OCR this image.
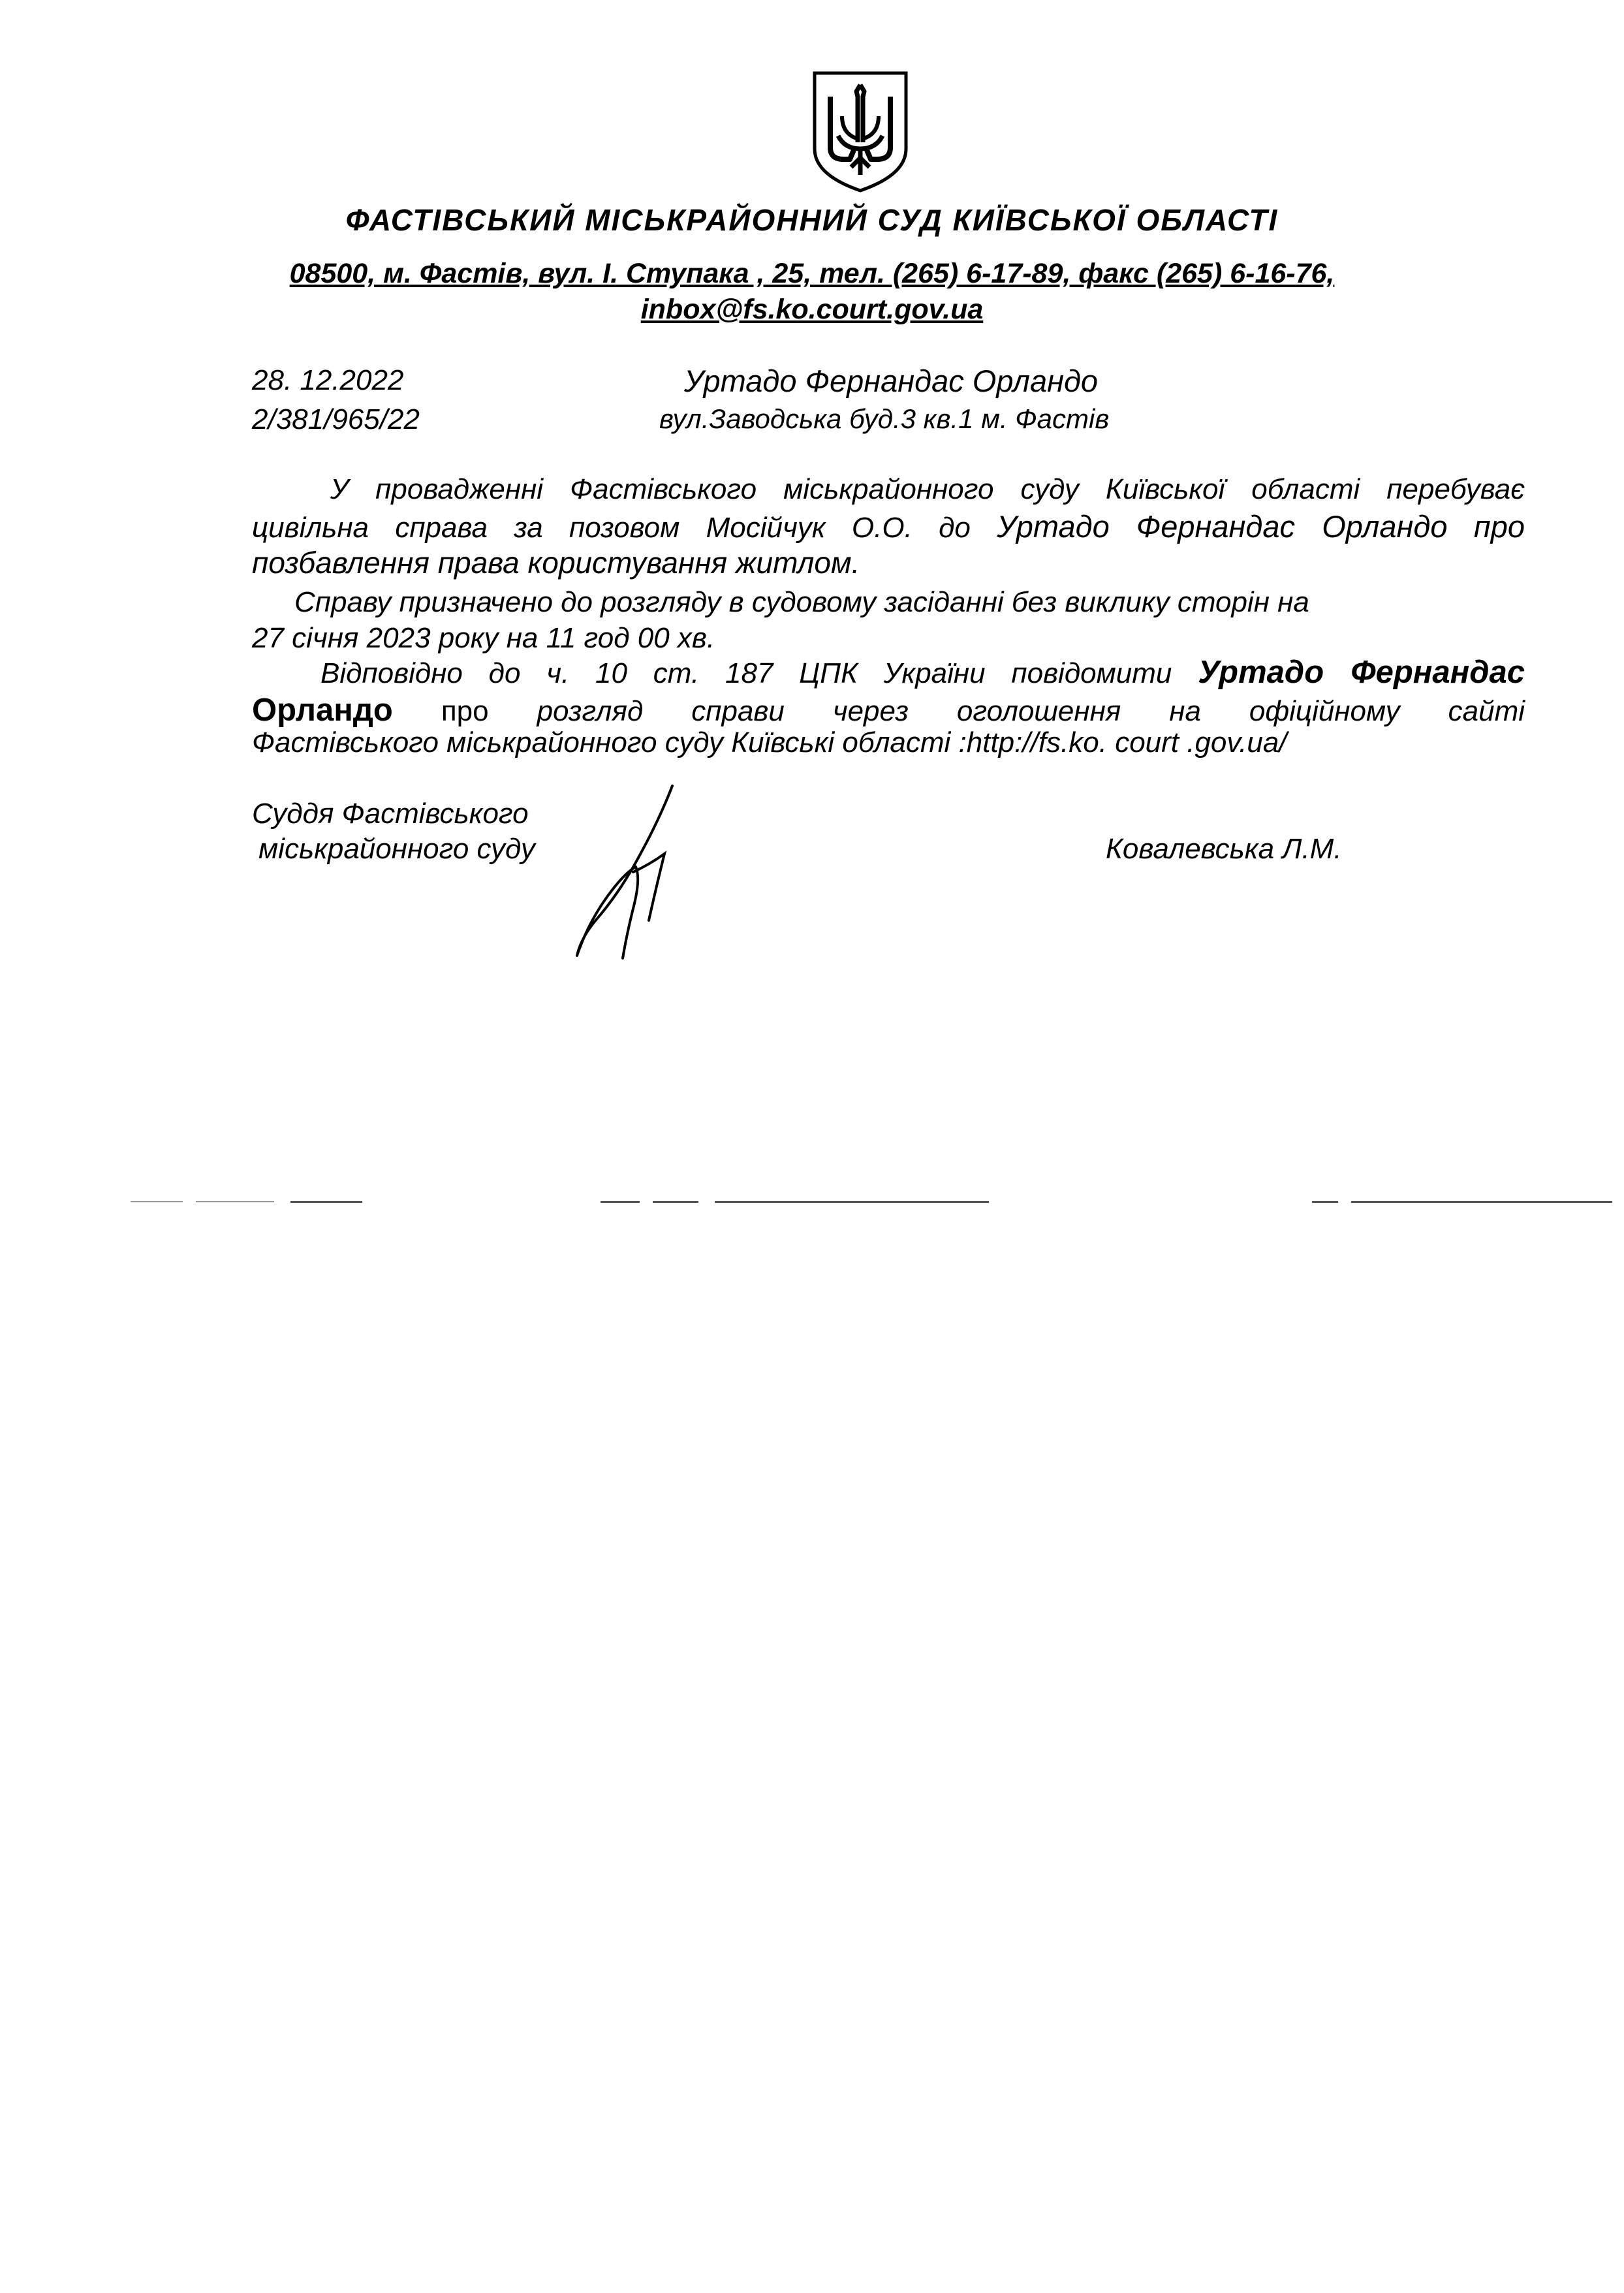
ФАСТІВСЬКИЙ МІСЬКРАЙОННИЙ СУД КИЇВСЬКОЇ ОБЛАСТІ
08500, м. Фастів, вул. І. Ступака , 25, тел. (265) 6-17-89, факс (265) 6-16-76,
inbox@fs.ko.court.gov.ua
28. 12.2022
2/381/965/22
Уртадо Фернандас Орландо
вул.Заводська буд.3 кв.1 м. Фастів
У провадженні Фастівського міськрайонного суду Київської області перебуває
цивільна справа за позовом Мосійчук О.О. до Уртадо Фернандас Орландо про
позбавлення права користування житлом.
Справу призначено до розгляду в судовому засіданні без виклику сторін на
27 січня 2023 року на 11 год 00 хв.
Відповідно до ч. 10 ст. 187 ЦПК України повідомити Уртадо Фернандас
Орландо про розгляд справи через оголошення на офіційному сайті
Фастівського міськрайонного суду Київські області :http://fs.ko. court .gov.ua/
Суддя Фастівського
міськрайонного суду	Ковалевська Л.М.
